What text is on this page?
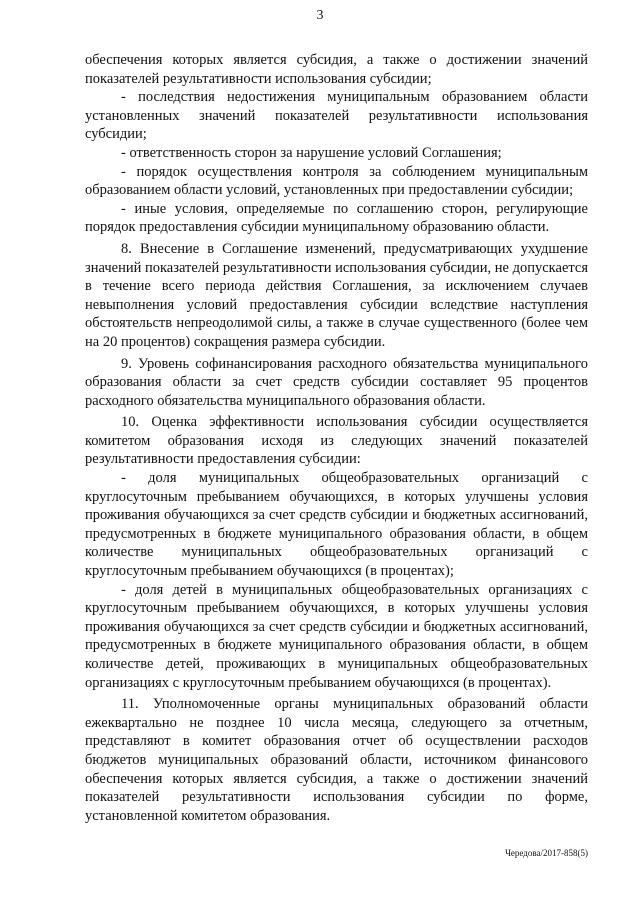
3

обеспечения которых является субсидия, а также о достижении значений показателей результативности использования субсидии;

- последствия недостижения муниципальным образованием области установленных значений показателей результативности использования субсидии;

- ответственность сторон за нарушение условий Соглашения;

- порядок осуществления контроля за соблюдением муниципальным образованием области условий, установленных при предоставлении субсидии;

- иные условия, определяемые по соглашению сторон, регулирующие порядок предоставления субсидии муниципальному образованию области.

8. Внесение в Соглашение изменений, предусматривающих ухудшение значений показателей результативности использования субсидии, не допускается в течение всего периода действия Соглашения, за исключением случаев невыполнения условий предоставления субсидии вследствие наступления обстоятельств непреодолимой силы, а также в случае существенного (более чем на 20 процентов) сокращения размера субсидии.

9. Уровень софинансирования расходного обязательства муниципального образования области за счет средств субсидии составляет 95 процентов расходного обязательства муниципального образования области.

10. Оценка эффективности использования субсидии осуществляется комитетом образования исходя из следующих значений показателей результативности предоставления субсидии:

- доля муниципальных общеобразовательных организаций с круглосуточным пребыванием обучающихся, в которых улучшены условия проживания обучающихся за счет средств субсидии и бюджетных ассигнований, предусмотренных в бюджете муниципального образования области, в общем количестве муниципальных общеобразовательных организаций с круглосуточным пребыванием обучающихся (в процентах);

- доля детей в муниципальных общеобразовательных организациях с круглосуточным пребыванием обучающихся, в которых улучшены условия проживания обучающихся за счет средств субсидии и бюджетных ассигнований, предусмотренных в бюджете муниципального образования области, в общем количестве детей, проживающих в муниципальных общеобразовательных организациях с круглосуточным пребыванием обучающихся (в процентах).

11. Уполномоченные органы муниципальных образований области ежеквартально не позднее 10 числа месяца, следующего за отчетным, представляют в комитет образования отчет об осуществлении расходов бюджетов муниципальных образований области, источником финансового обеспечения которых является субсидия, а также о достижении значений показателей результативности использования субсидии по форме, установленной комитетом образования.

Чередова/2017-858(5)
